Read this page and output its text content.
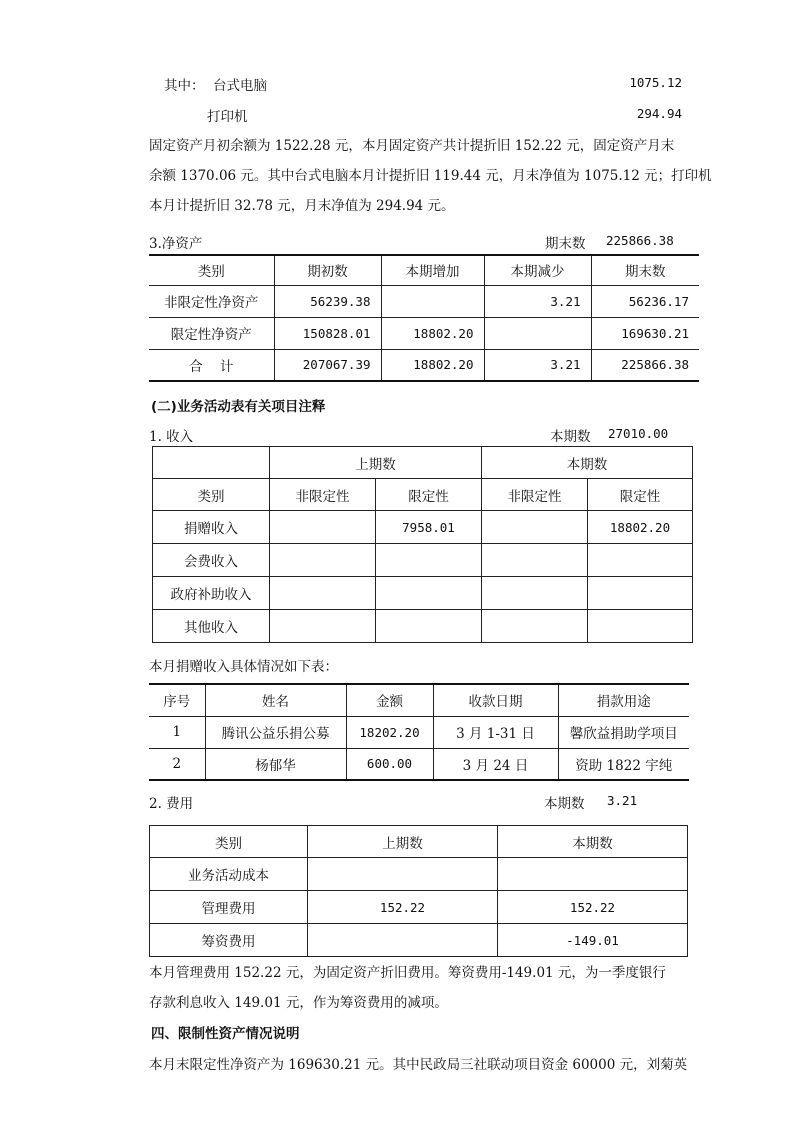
其中： 台式电脑	1075.12
打印机	294.94
固定资产月初余额为 1522.28 元，本月固定资产共计提折旧 152.22 元，固定资产月末
余额 1370.06 元。其中台式电脑本月计提折旧 119.44 元，月末净值为 1075.12 元；打印机
本月计提折旧 32.78 元，月末净值为 294.94 元。
3.净资产	期末数 225866.38
类别	期初数	本期增加	本期减少	期末数
非限定性净资产	56239.38		3.21	56236.17
限定性净资产	150828.01	18802.20		169630.21
合    计	207067.39	18802.20	3.21	225866.38
(二)业务活动表有关项目注释
1. 收入	本期数 27010.00
	上期数		本期数	
类别	非限定性	限定性	非限定性	限定性
捐赠收入		7958.01		18802.20
会费收入				
政府补助收入				
其他收入				
本月捐赠收入具体情况如下表：
序号	姓名	金额	收款日期	捐款用途
1	腾讯公益乐捐公募	18202.20	3 月 1-31 日	馨欣益捐助学项目
2	杨郁华	600.00	3 月 24 日	资助 1822 宇纯
2. 费用	本期数 3.21
类别	上期数	本期数
业务活动成本		
管理费用	152.22	152.22
筹资费用		-149.01
本月管理费用 152.22 元，为固定资产折旧费用。筹资费用-149.01 元，为一季度银行
存款利息收入 149.01 元，作为筹资费用的减项。
四、限制性资产情况说明
本月末限定性净资产为 169630.21 元。其中民政局三社联动项目资金 60000 元，刘菊英
